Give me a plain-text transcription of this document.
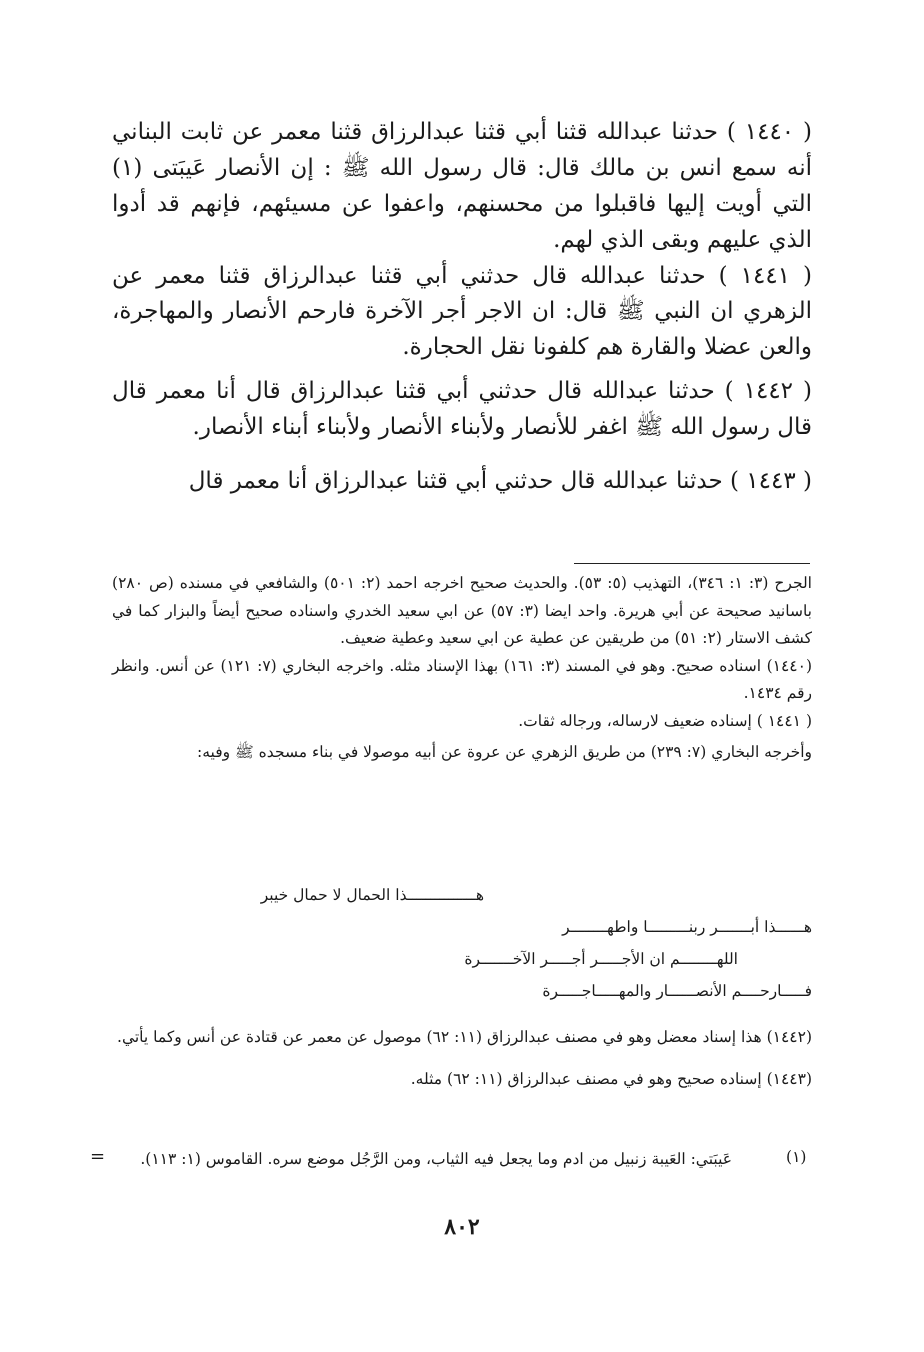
( ١٤٤٠ ) حدثنا عبدالله قثنا أبي قثنا عبدالرزاق قثنا معمر عن ثابت البناني أنه سمع انس بن مالك قال: قال رسول الله ﷺ : إن الأنصار عَيبَتى (١) التي أويت إليها فاقبلوا من محسنهم، واعفوا عن مسيئهم، فإنهم قد أدوا الذي عليهم وبقى الذي لهم.

( ١٤٤١ ) حدثنا عبدالله قال حدثني أبي قثنا عبدالرزاق قثنا معمر عن الزهري ان النبي ﷺ قال: ان الاجر أجر الآخرة فارحم الأنصار والمهاجرة، والعن عضلا والقارة هم كلفونا نقل الحجارة.

( ١٤٤٢ ) حدثنا عبدالله قال حدثني أبي قثنا عبدالرزاق قال أنا معمر قال قال رسول الله ﷺ اغفر للأنصار ولأبناء الأنصار ولأبناء أبناء الأنصار.

( ١٤٤٣ ) حدثنا عبدالله قال حدثني أبي قثنا عبدالرزاق أنا معمر قال

الجرح (٣: ١: ٣٤٦)، التهذيب (٥: ٥٣). والحديث صحيح اخرجه احمد (٢: ٥٠١) والشافعي في مسنده (ص ٢٨٠) باسانيد صحيحة عن أبي هريرة. واحد ايضا (٣: ٥٧) عن ابي سعيد الخدري واسناده صحيح أيضاً والبزار كما في كشف الاستار (٢: ٥١) من طريقين عن عطية عن ابي سعيد وعطية ضعيف.

(١٤٤٠) اسناده صحيح. وهو في المسند (٣: ١٦١) بهذا الإسناد مثله. واخرجه البخاري (٧: ١٢١) عن أنس. وانظر رقم ١٤٣٤.

( ١٤٤١ ) إسناده ضعيف لارساله، ورجاله ثقات.

وأخرجه البخاري (٧: ٢٣٩) من طريق الزهري عن عروة عن أبيه موصولا في بناء مسجده ﷺ وفيه:

هـــــــــــــــذا الحمال لا حمال خيبر
هــــــذا أبـــــــر ربنـــــــــا واطهــــــــر
اللهــــــــم ان الأجـــــر أجـــــر الآخـــــــرة
فـــــارحــــم الأنصــــــار والمهـــــاجـــــرة

(١٤٤٢) هذا إسناد معضل وهو في مصنف عبدالرزاق (١١: ٦٢) موصول عن معمر عن قتادة عن أنس وكما يأتي.

(١٤٤٣) إسناده صحيح وهو في مصنف عبدالرزاق (١١: ٦٢) مثله.

(١)
عَيبَتي: العَيبة زنبيل من ادم وما يجعل فيه الثياب، ومن الرَّجُل موضع سره. القاموس (١: ١١٣).
=
٨٠٢
